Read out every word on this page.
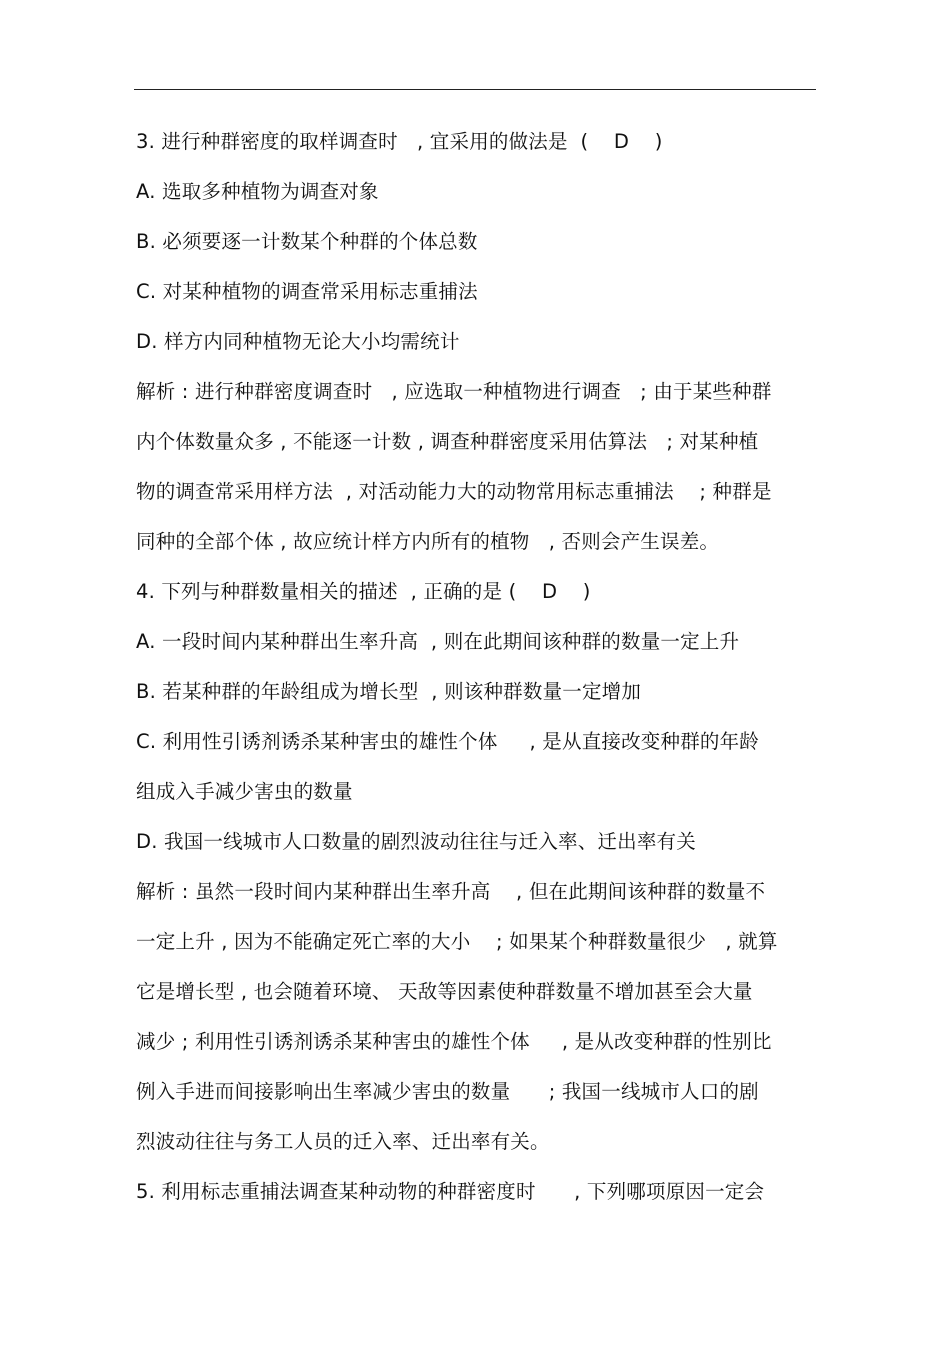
3. 进行种群密度的取样调查时   , 宜采用的做法是  (    D    )
A. 选取多种植物为调查对象
B. 必须要逐一计数某个种群的个体总数
C. 对某种植物的调查常采用标志重捕法
D. 样方内同种植物无论大小均需统计
解析 : 进行种群密度调查时   , 应选取一种植物进行调查   ; 由于某些种群
内个体数量众多 , 不能逐一计数 , 调查种群密度采用估算法   ; 对某种植
物的调查常采用样方法  , 对活动能力大的动物常用标志重捕法    ; 种群是
同种的全部个体 , 故应统计样方内所有的植物   , 否则会产生误差。
4. 下列与种群数量相关的描述  , 正确的是 (    D    )
A. 一段时间内某种群出生率升高  , 则在此期间该种群的数量一定上升
B. 若某种群的年龄组成为增长型  , 则该种群数量一定增加
C. 利用性引诱剂诱杀某种害虫的雄性个体     , 是从直接改变种群的年龄
组成入手减少害虫的数量
D. 我国一线城市人口数量的剧烈波动往往与迁入率、迁出率有关
解析 : 虽然一段时间内某种群出生率升高    , 但在此期间该种群的数量不
一定上升 , 因为不能确定死亡率的大小    ; 如果某个种群数量很少   , 就算
它是增长型 , 也会随着环境、 天敌等因素使种群数量不增加甚至会大量
减少 ; 利用性引诱剂诱杀某种害虫的雄性个体     , 是从改变种群的性别比
例入手进而间接影响出生率减少害虫的数量      ; 我国一线城市人口的剧
烈波动往往与务工人员的迁入率、迁出率有关。
5. 利用标志重捕法调查某种动物的种群密度时      , 下列哪项原因一定会
